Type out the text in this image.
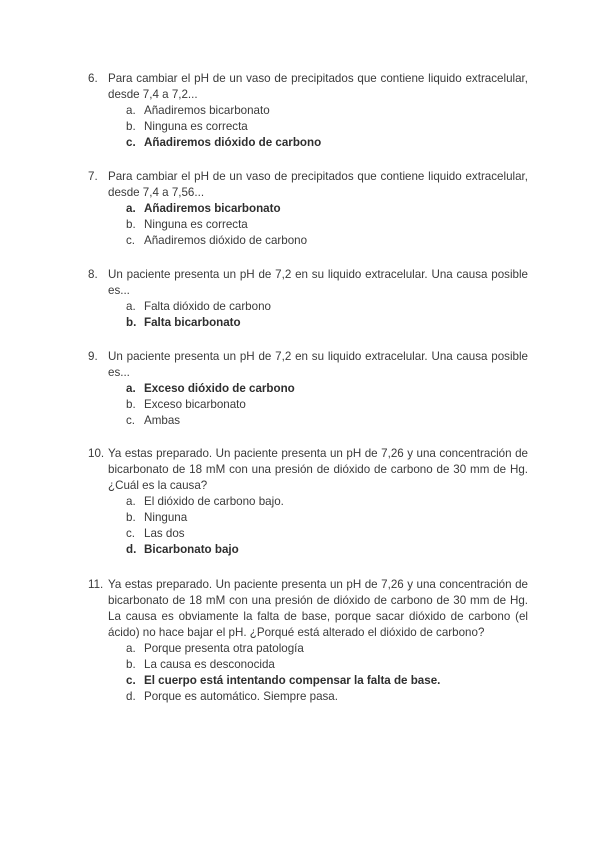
6. Para cambiar el pH de un vaso de precipitados que contiene liquido extracelular, desde 7,4 a 7,2...
a. Añadiremos bicarbonato
b. Ninguna es correcta
c. Añadiremos dióxido de carbono
7. Para cambiar el pH de un vaso de precipitados que contiene liquido extracelular, desde 7,4 a 7,56...
a. Añadiremos bicarbonato
b. Ninguna es correcta
c. Añadiremos dióxido de carbono
8. Un paciente presenta un pH de 7,2 en su liquido extracelular. Una causa posible es...
a. Falta dióxido de carbono
b. Falta bicarbonato
9. Un paciente presenta un pH de 7,2 en su liquido extracelular. Una causa posible es...
a. Exceso dióxido de carbono
b. Exceso bicarbonato
c. Ambas
10. Ya estas preparado. Un paciente presenta un pH de 7,26 y una concentración de bicarbonato de 18 mM con una presión de dióxido de carbono de 30 mm de Hg. ¿Cuál es la causa?
a. El dióxido de carbono bajo.
b. Ninguna
c. Las dos
d. Bicarbonato bajo
11. Ya estas preparado. Un paciente presenta un pH de 7,26 y una concentración de bicarbonato de 18 mM con una presión de dióxido de carbono de 30 mm de Hg. La causa es obviamente la falta de base, porque sacar dióxido de carbono (el ácido) no hace bajar el pH. ¿Porqué está alterado el dióxido de carbono?
a. Porque presenta otra patología
b. La causa es desconocida
c. El cuerpo está intentando compensar la falta de base.
d. Porque es automático. Siempre pasa.
